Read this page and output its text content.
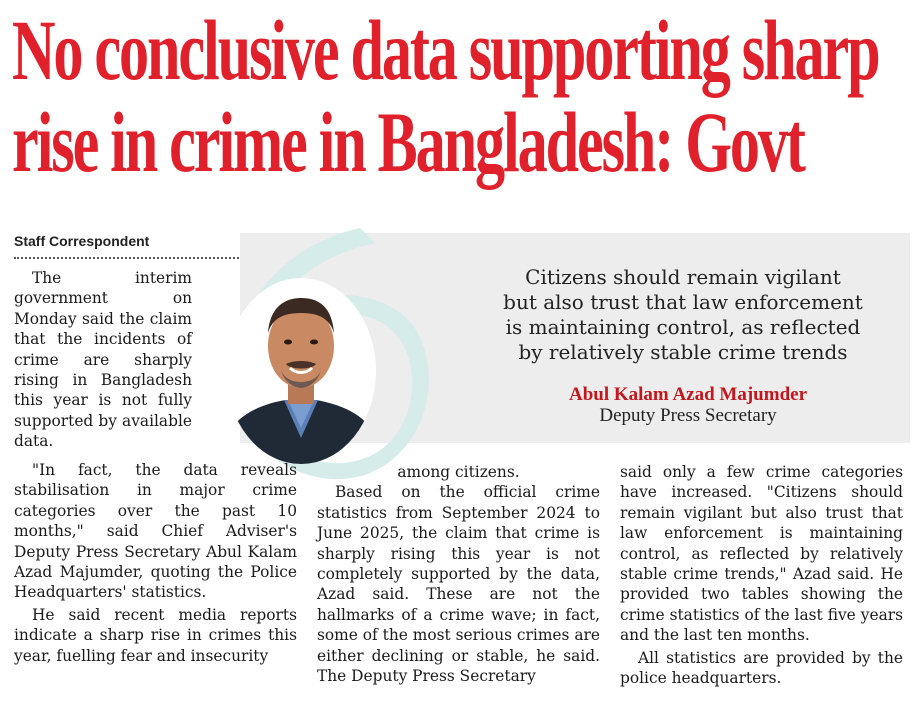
No conclusive data supporting sharp
rise in crime in Bangladesh: Govt
Staff Correspondent
Citizens should remain vigilant
but also trust that law enforcement
is maintaining control, as reflected
by relatively stable crime trends
Abul Kalam Azad Majumder
Deputy Press Secretary
The interim government on Monday said the claim that the incidents of crime are sharply rising in Bangladesh this year is not fully supported by available data.

"In fact, the data reveals stabilisation in major crime categories over the past 10 months," said Chief Adviser's Deputy Press Secretary Abul Kalam Azad Majumder, quoting the Police Headquarters' statistics.

He said recent media reports indicate a sharp rise in crimes this year, fuelling fear and insecurity

among citizens.

Based on the official crime statistics from September 2024 to June 2025, the claim that crime is sharply rising this year is not completely supported by the data, Azad said. These are not the hallmarks of a crime wave; in fact, some of the most serious crimes are either declining or stable, he said. The Deputy Press Secretary

said only a few crime categories have increased. "Citizens should remain vigilant but also trust that law enforcement is maintaining control, as reflected by relatively stable crime trends," Azad said. He provided two tables showing the crime statistics of the last five years and the last ten months.

All statistics are provided by the police headquarters.
